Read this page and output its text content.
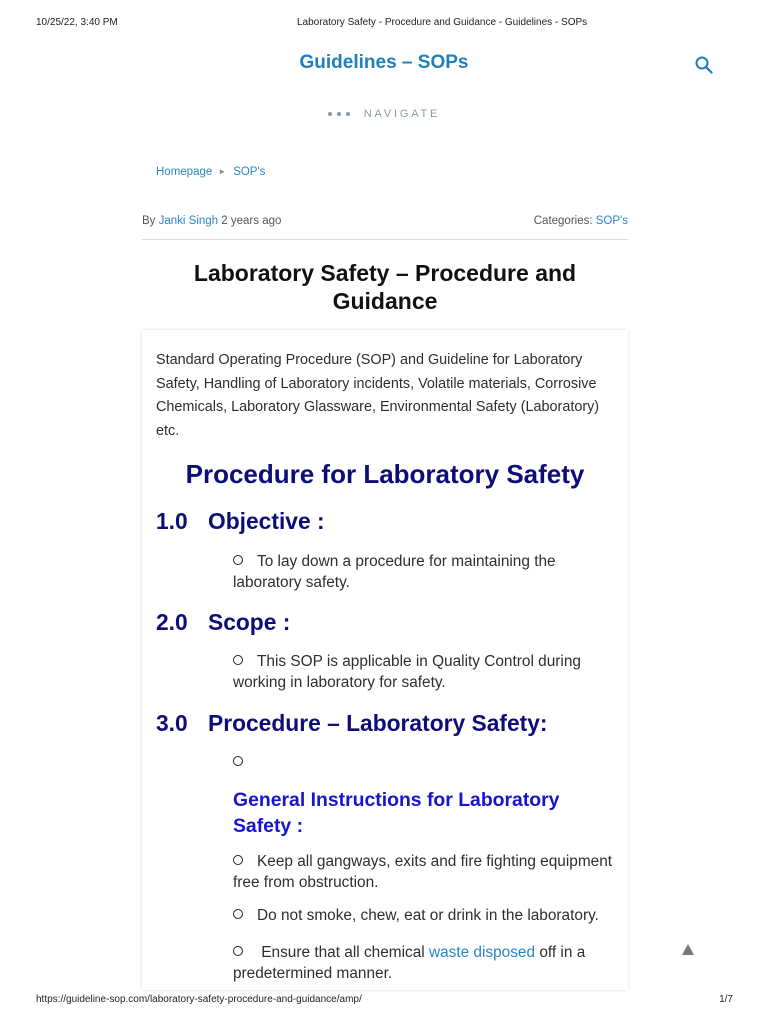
10/25/22, 3:40 PM	Laboratory Safety - Procedure and Guidance - Guidelines - SOPs
Guidelines – SOPs
NAVIGATE
Homepage ► SOP's
By Janki Singh 2 years ago	Categories: SOP's
Laboratory Safety – Procedure and Guidance

Standard Operating Procedure (SOP) and Guideline for Laboratory Safety, Handling of Laboratory incidents, Volatile materials, Corrosive Chemicals, Laboratory Glassware, Environmental Safety (Laboratory) etc.

Procedure for Laboratory Safety
1.0 Objective :
To lay down a procedure for maintaining the laboratory safety.
2.0 Scope :
This SOP is applicable in Quality Control during working in laboratory for safety.
3.0 Procedure – Laboratory Safety:
General Instructions for Laboratory Safety :
Keep all gangways, exits and fire fighting equipment free from obstruction.
Do not smoke, chew, eat or drink in the laboratory.
Ensure that all chemical waste disposed off in a predetermined manner.
https://guideline-sop.com/laboratory-safety-procedure-and-guidance/amp/	1/7
